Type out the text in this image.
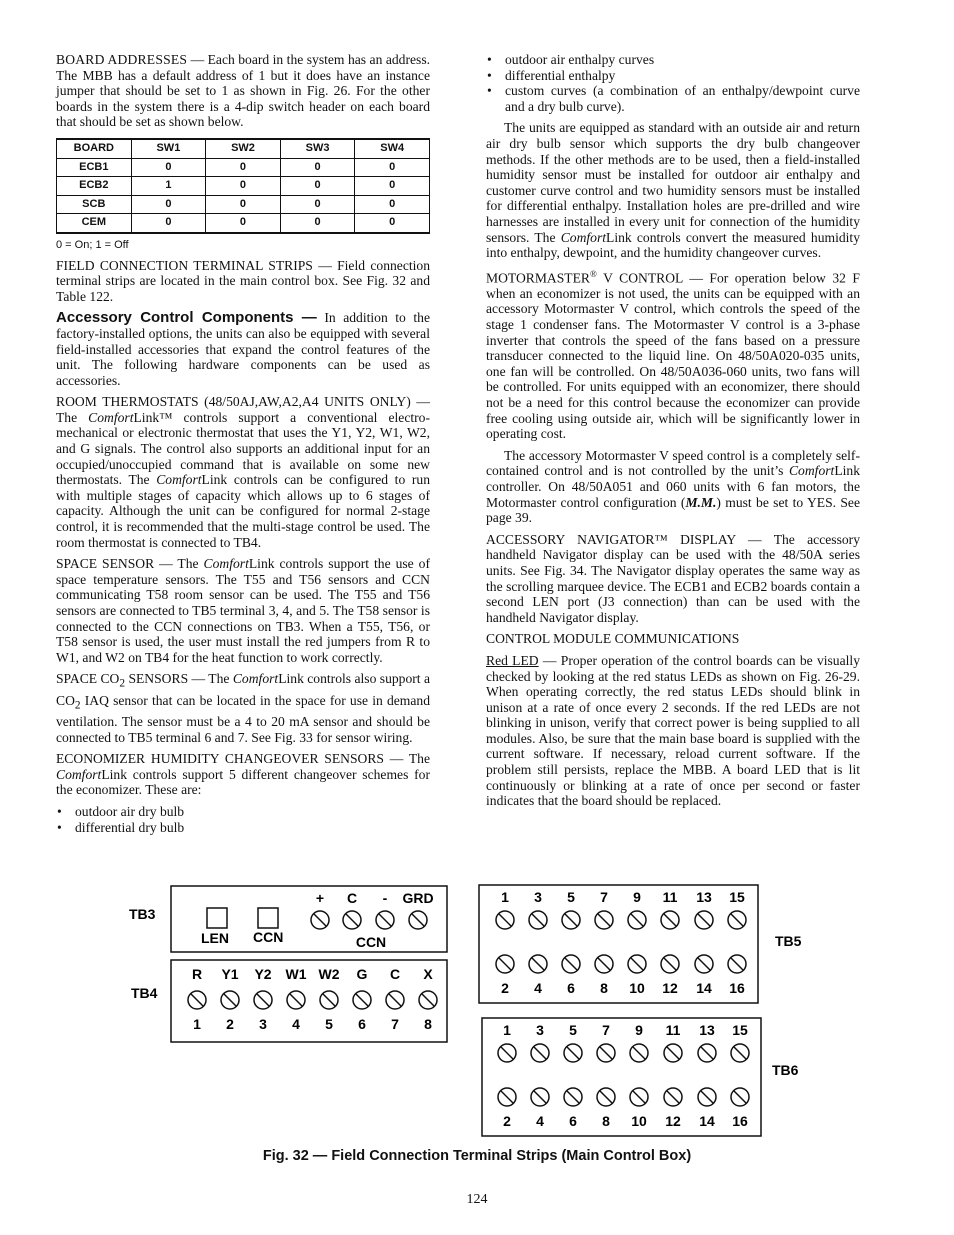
BOARD ADDRESSES — Each board in the system has an address. The MBB has a default address of 1 but it does have an instance jumper that should be set to 1 as shown in Fig. 26. For the other boards in the system there is a 4-dip switch header on each board that should be set as shown below.

BOARD	SW1	SW2	SW3	SW4
ECB1	0	0	0	0
ECB2	1	0	0	0
SCB	0	0	0	0
CEM	0	0	0	0
0 = On; 1 = Off

FIELD CONNECTION TERMINAL STRIPS — Field connection terminal strips are located in the main control box. See Fig. 32 and Table 122.

Accessory Control Components — In addition to the factory-installed options, the units can also be equipped with several field-installed accessories that expand the control features of the unit. The following hardware components can be used as accessories.

ROOM THERMOSTATS (48/50AJ,AW,A2,A4 UNITS ONLY) — The ComfortLink™ controls support a conventional electro-mechanical or electronic thermostat that uses the Y1, Y2, W1, W2, and G signals. The control also supports an additional input for an occupied/unoccupied command that is available on some new thermostats. The ComfortLink controls can be configured to run with multiple stages of capacity which allows up to 6 stages of capacity. Although the unit can be configured for normal 2-stage control, it is recommended that the multi-stage control be used. The room thermostat is connected to TB4.

SPACE SENSOR — The ComfortLink controls support the use of space temperature sensors. The T55 and T56 sensors and CCN communicating T58 room sensor can be used. The T55 and T56 sensors are connected to TB5 terminal 3, 4, and 5. The T58 sensor is connected to the CCN connections on TB3. When a T55, T56, or T58 sensor is used, the user must install the red jumpers from R to W1, and W2 on TB4 for the heat function to work correctly.

SPACE $CO_2$ SENSORS — The ComfortLink controls also support a $CO_2$ IAQ sensor that can be located in the space for use in demand ventilation. The sensor must be a 4 to 20 mA sensor and should be connected to TB5 terminal 6 and 7. See Fig. 33 for sensor wiring.

ECONOMIZER HUMIDITY CHANGEOVER SENSORS — The ComfortLink controls support 5 different changeover schemes for the economizer. These are:

• outdoor air dry bulb
• differential dry bulb
• outdoor air enthalpy curves
• differential enthalpy
• custom curves (a combination of an enthalpy/dewpoint curve and a dry bulb curve).

The units are equipped as standard with an outside air and return air dry bulb sensor which supports the dry bulb changeover methods. If the other methods are to be used, then a field-installed humidity sensor must be installed for outdoor air enthalpy and customer curve control and two humidity sensors must be installed for differential enthalpy. Installation holes are pre-drilled and wire harnesses are installed in every unit for connection of the humidity sensors. The ComfortLink controls convert the measured humidity into enthalpy, dewpoint, and the humidity changeover curves.

MOTORMASTER® V CONTROL — For operation below 32 F when an economizer is not used, the units can be equipped with an accessory Motormaster V control, which controls the speed of the stage 1 condenser fans. The Motormaster V control is a 3-phase inverter that controls the speed of the fans based on a pressure transducer connected to the liquid line. On 48/50A020-035 units, one fan will be controlled. On 48/50A036-060 units, two fans will be controlled. For units equipped with an economizer, there should not be a need for this control because the economizer can provide free cooling using outside air, which will be significantly lower in operating cost.

The accessory Motormaster V speed control is a completely self-contained control and is not controlled by the unit’s ComfortLink controller. On 48/50A051 and 060 units with 6 fan motors, the Motormaster control configuration (M.M.) must be set to YES. See page 39.

ACCESSORY NAVIGATOR™ DISPLAY — The accessory handheld Navigator display can be used with the 48/50A series units. See Fig. 34. The Navigator display operates the same way as the scrolling marquee device. The ECB1 and ECB2 boards contain a second LEN port (J3 connection) than can be used with the handheld Navigator display.

CONTROL MODULE COMMUNICATIONS

Red LED — Proper operation of the control boards can be visually checked by looking at the red status LEDs as shown on Fig. 26-29. When operating correctly, the red status LEDs should blink in unison at a rate of once every 2 seconds. If the red LEDs are not blinking in unison, verify that correct power is being supplied to all modules. Also, be sure that the main base board is supplied with the current software. If necessary, reload current software. If the problem still persists, replace the MBB. A board LED that is lit continuously or blinking at a rate of once per second or faster indicates that the board should be replaced.

TB3
LEN CCN
+ C - GRD
CCN
TB4
R Y1 Y2 W1 W2 G C X
1 2 3 4 5 6 7 8
TB5
1 3 5 7 9 11 13 15
2 4 6 8 10 12 14 16
TB6
1 3 5 7 9 11 13 15
2 4 6 8 10 12 14 16
Fig. 32 — Field Connection Terminal Strips (Main Control Box)
124
